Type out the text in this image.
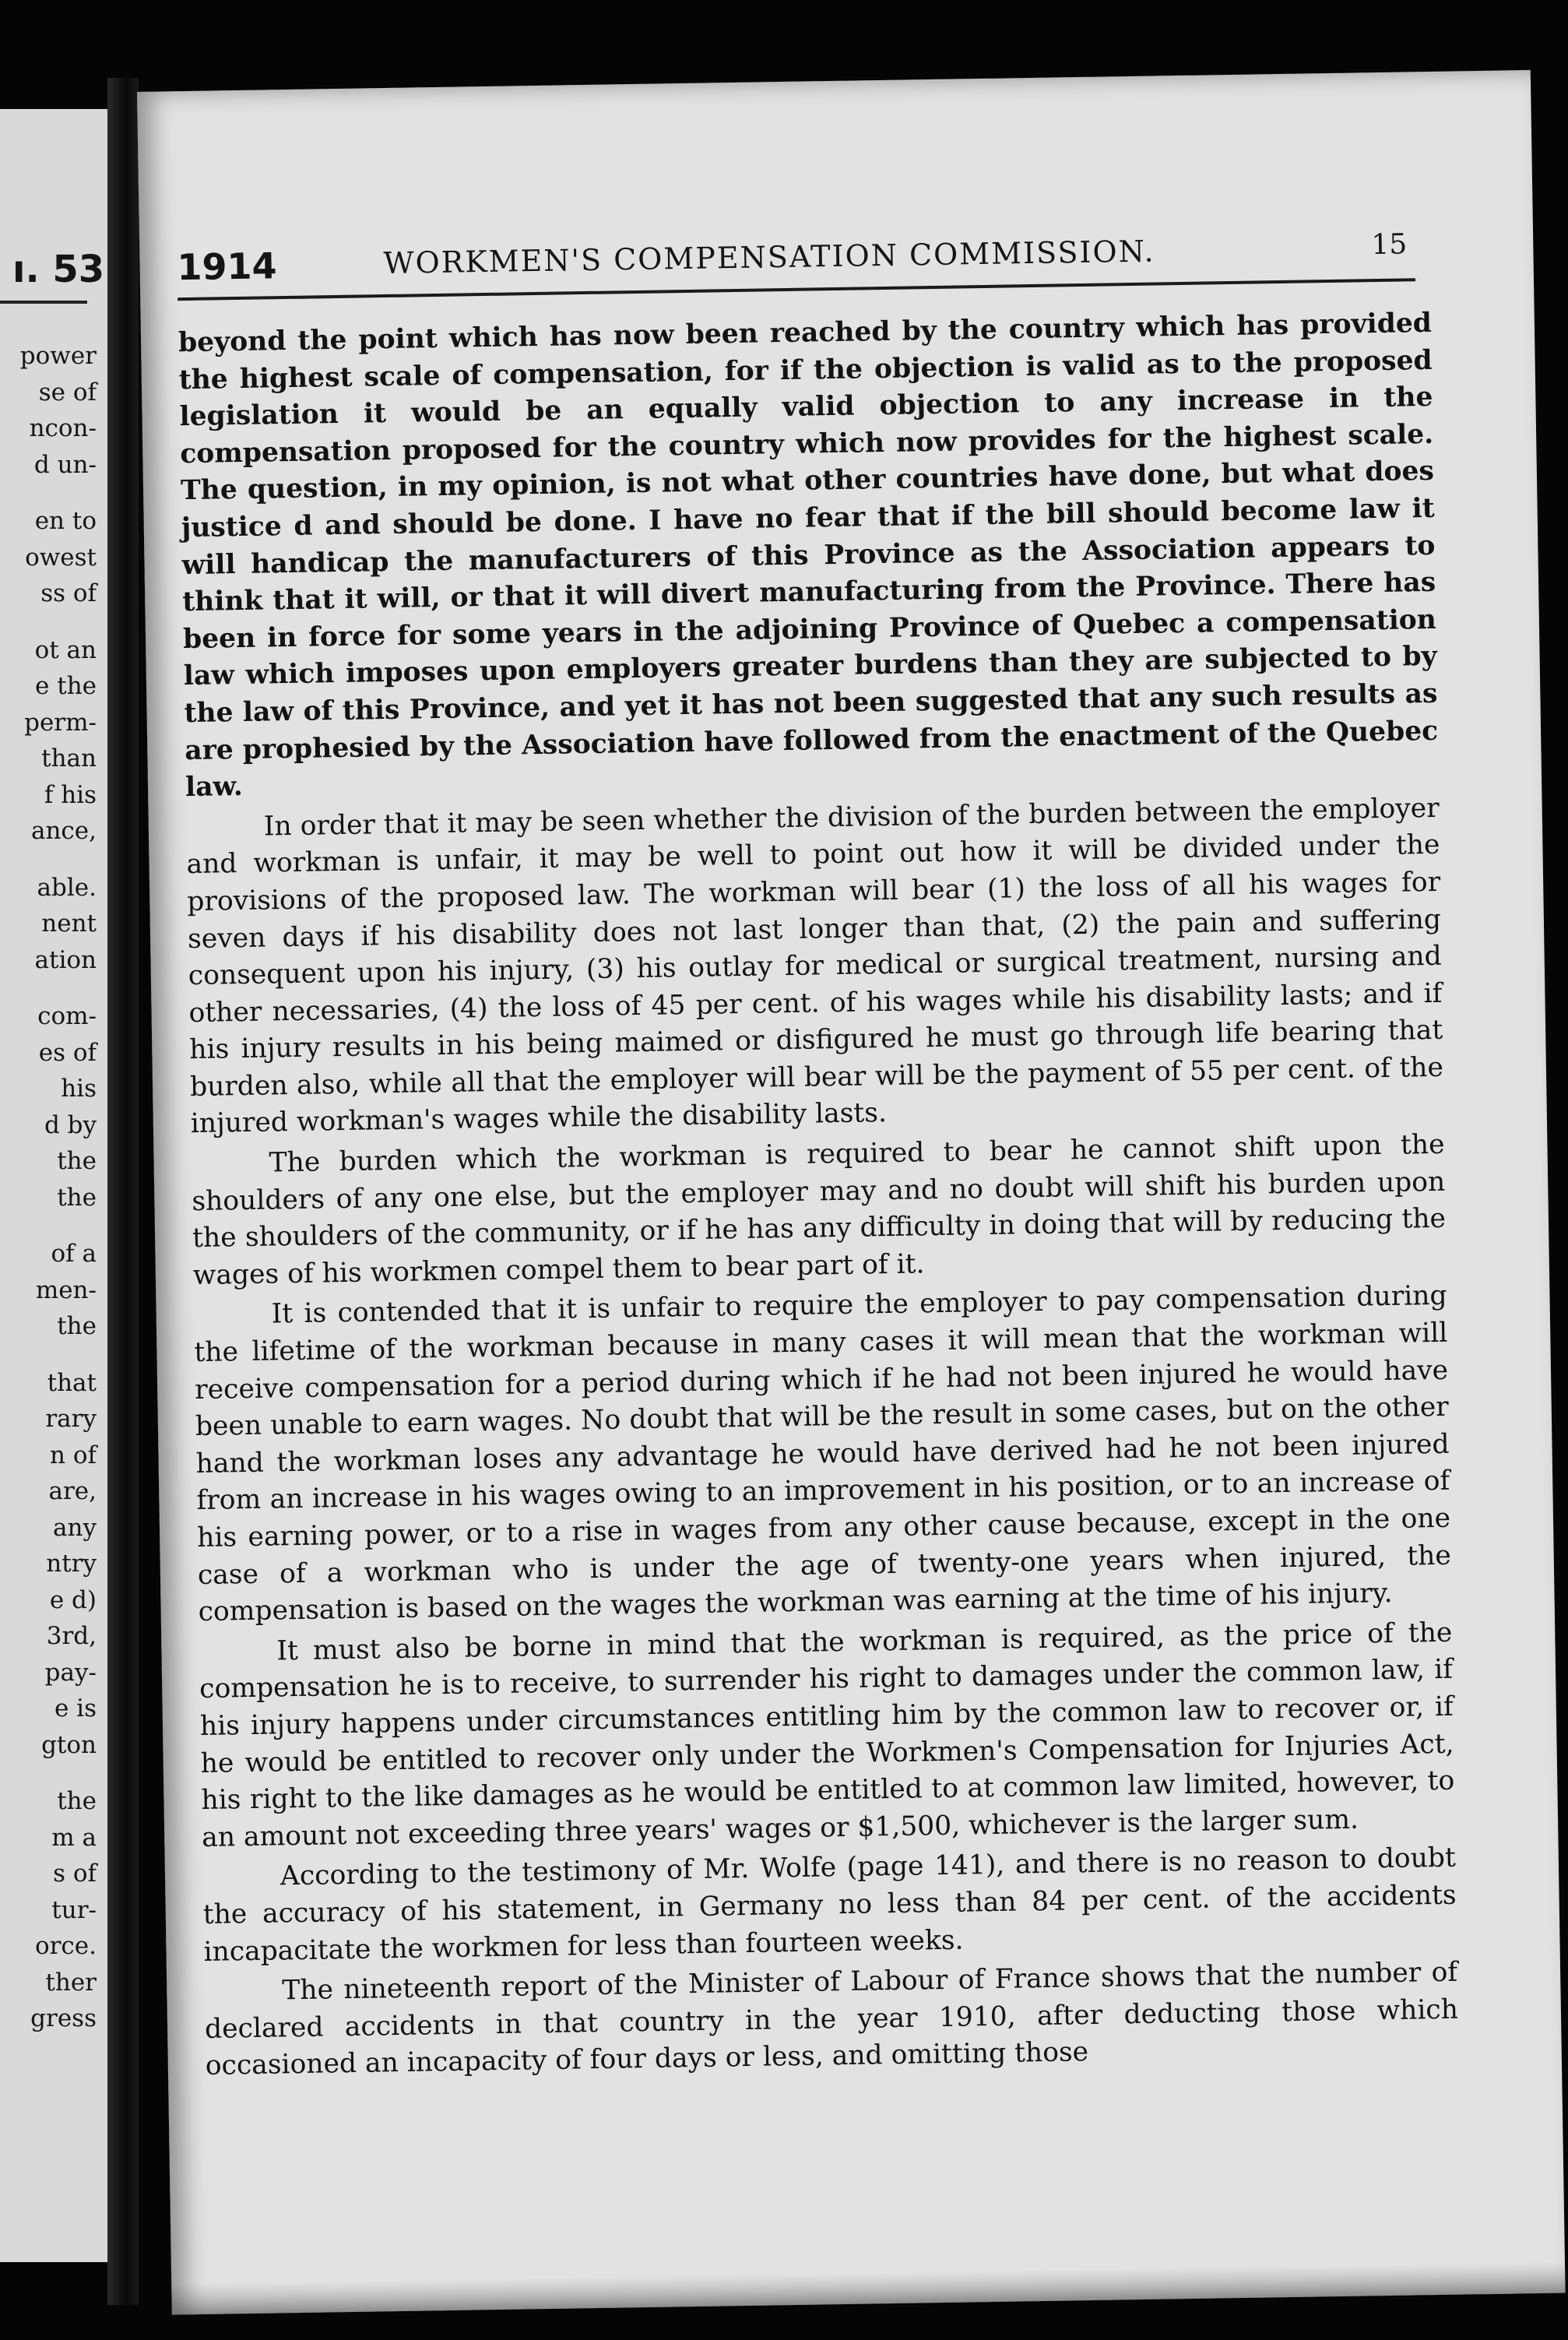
ı. 53
power
se of
ncon-
d un-
en to
owest
ss of
ot an
e the
perm-
than
f his
ance,
able.
nent
ation
com-
es of
his
d by
the
the
of a
men-
the
that
rary
n of
are,
any
ntry
e d)
3rd,
pay-
e is
gton
the
m a
s of
tur-
orce.
ther
gress
1914	WORKMEN'S COMPENSATION COMMISSION.	15

beyond the point which has now been reached by the country which has provided the highest scale of compensation, for if the objection is valid as to the proposed legislation it would be an equally valid objection to any increase in the compensation proposed for the country which now provides for the highest scale. The question, in my opinion, is not what other countries have done, but what does justice d and should be done. I have no fear that if the bill should become law it will handicap the manufacturers of this Province as the Association appears to think that it will, or that it will divert manufacturing from the Province. There has been in force for some years in the adjoining Province of Quebec a compensation law which imposes upon employers greater burdens than they are subjected to by the law of this Province, and yet it has not been suggested that any such results as are prophesied by the Association have followed from the enactment of the Quebec law.

In order that it may be seen whether the division of the burden between the employer and workman is unfair, it may be well to point out how it will be divided under the provisions of the proposed law. The workman will bear (1) the loss of all his wages for seven days if his disability does not last longer than that, (2) the pain and suffering consequent upon his injury, (3) his outlay for medical or surgical treatment, nursing and other necessaries, (4) the loss of 45 per cent. of his wages while his disability lasts; and if his injury results in his being maimed or disfigured he must go through life bearing that burden also, while all that the employer will bear will be the payment of 55 per cent. of the injured workman's wages while the disability lasts.

The burden which the workman is required to bear he cannot shift upon the shoulders of any one else, but the employer may and no doubt will shift his burden upon the shoulders of the community, or if he has any difficulty in doing that will by reducing the wages of his workmen compel them to bear part of it.

It is contended that it is unfair to require the employer to pay compensation during the lifetime of the workman because in many cases it will mean that the workman will receive compensation for a period during which if he had not been injured he would have been unable to earn wages. No doubt that will be the result in some cases, but on the other hand the workman loses any advantage he would have derived had he not been injured from an increase in his wages owing to an improvement in his position, or to an increase of his earning power, or to a rise in wages from any other cause because, except in the one case of a workman who is under the age of twenty-one years when injured, the compensation is based on the wages the workman was earning at the time of his injury.

It must also be borne in mind that the workman is required, as the price of the compensation he is to receive, to surrender his right to damages under the common law, if his injury happens under circumstances entitling him by the common law to recover or, if he would be entitled to recover only under the Workmen's Compensation for Injuries Act, his right to the like damages as he would be entitled to at common law limited, however, to an amount not exceeding three years' wages or $1,500, whichever is the larger sum.

According to the testimony of Mr. Wolfe (page 141), and there is no reason to doubt the accuracy of his statement, in Germany no less than 84 per cent. of the accidents incapacitate the workmen for less than fourteen weeks.

The nineteenth report of the Minister of Labour of France shows that the number of declared accidents in that country in the year 1910, after deducting those which occasioned an incapacity of four days or less, and omitting those
